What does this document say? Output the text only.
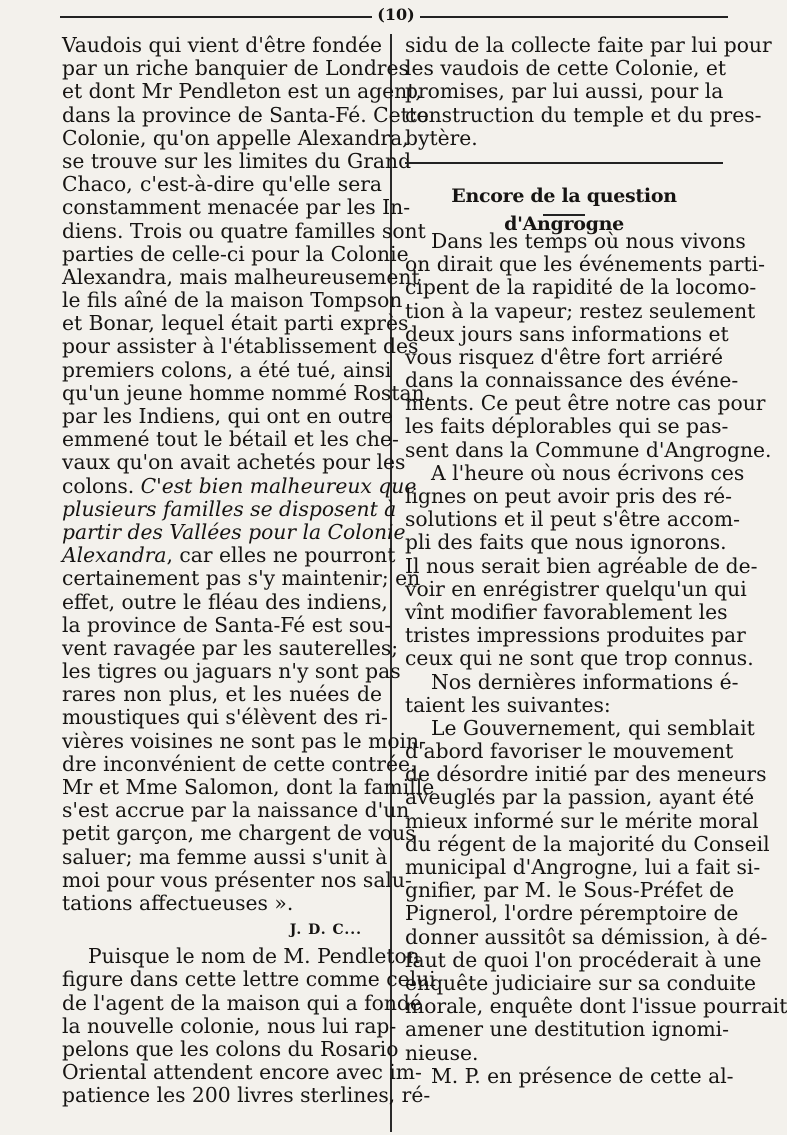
(10)
Vaudois qui vient d'être fondée
par un riche banquier de Londres
et dont Mr Pendleton est un agent,
dans la province de Santa-Fé. Cette
Colonie, qu'on appelle Alexandra,
se trouve sur les limites du Grand
Chaco, c'est-à-dire qu'elle sera
constamment menacée par les In-
diens. Trois ou quatre familles sont
parties de celle-ci pour la Colonie
Alexandra, mais malheureusement
le fils aîné de la maison Tompson
et Bonar, lequel était parti exprès
pour assister à l'établissement des
premiers colons, a été tué, ainsi
qu'un jeune homme nommé Rostan,
par les Indiens, qui ont en outre
emmené tout le bétail et les che-
vaux qu'on avait achetés pour les
colons. C'est bien malheureux que
plusieurs familles se disposent à
partir des Vallées pour la Colonie
Alexandra, car elles ne pourront
certainement pas s'y maintenir; en
effet, outre le fléau des indiens,
la province de Santa-Fé est sou-
vent ravagée par les sauterelles;
les tigres ou jaguars n'y sont pas
rares non plus, et les nuées de
moustiques qui s'élèvent des ri-
vières voisines ne sont pas le moin-
dre inconvénient de cette contrée.
Mr et Mme Salomon, dont la famille
s'est accrue par la naissance d'un
petit garçon, me chargent de vous
saluer; ma femme aussi s'unit à
moi pour vous présenter nos salu-
tations affectueuses ».
J. D. C...
Puisque le nom de M. Pendleton
figure dans cette lettre comme celui
de l'agent de la maison qui a fondé
la nouvelle colonie, nous lui rap-
pelons que les colons du Rosario
Oriental attendent encore avec im-
patience les 200 livres sterlines, ré-
sidu de la collecte faite par lui pour
les vaudois de cette Colonie, et
promises, par lui aussi, pour la
construction du temple et du pres-
bytère.
Encore de la question d'Angrogne
Dans les temps où nous vivons
on dirait que les événements parti-
cipent de la rapidité de la locomo-
tion à la vapeur; restez seulement
deux jours sans informations et
vous risquez d'être fort arriéré
dans la connaissance des événe-
ments. Ce peut être notre cas pour
les faits déplorables qui se pas-
sent dans la Commune d'Angrogne.
A l'heure où nous écrivons ces
lignes on peut avoir pris des ré-
solutions et il peut s'être accom-
pli des faits que nous ignorons.
Il nous serait bien agréable de de-
voir en enrégistrer quelqu'un qui
vînt modifier favorablement les
tristes impressions produites par
ceux qui ne sont que trop connus.
Nos dernières informations é-
taient les suivantes:
Le Gouvernement, qui semblait
d'abord favoriser le mouvement
de désordre initié par des meneurs
aveuglés par la passion, ayant été
mieux informé sur le mérite moral
du régent de la majorité du Conseil
municipal d'Angrogne, lui a fait si-
gnifier, par M. le Sous-Préfet de
Pignerol, l'ordre péremptoire de
donner aussitôt sa démission, à dé-
faut de quoi l'on procéderait à une
enquête judiciaire sur sa conduite
morale, enquête dont l'issue pourrait
amener une destitution ignomi-
nieuse.
M. P. en présence de cette al-
